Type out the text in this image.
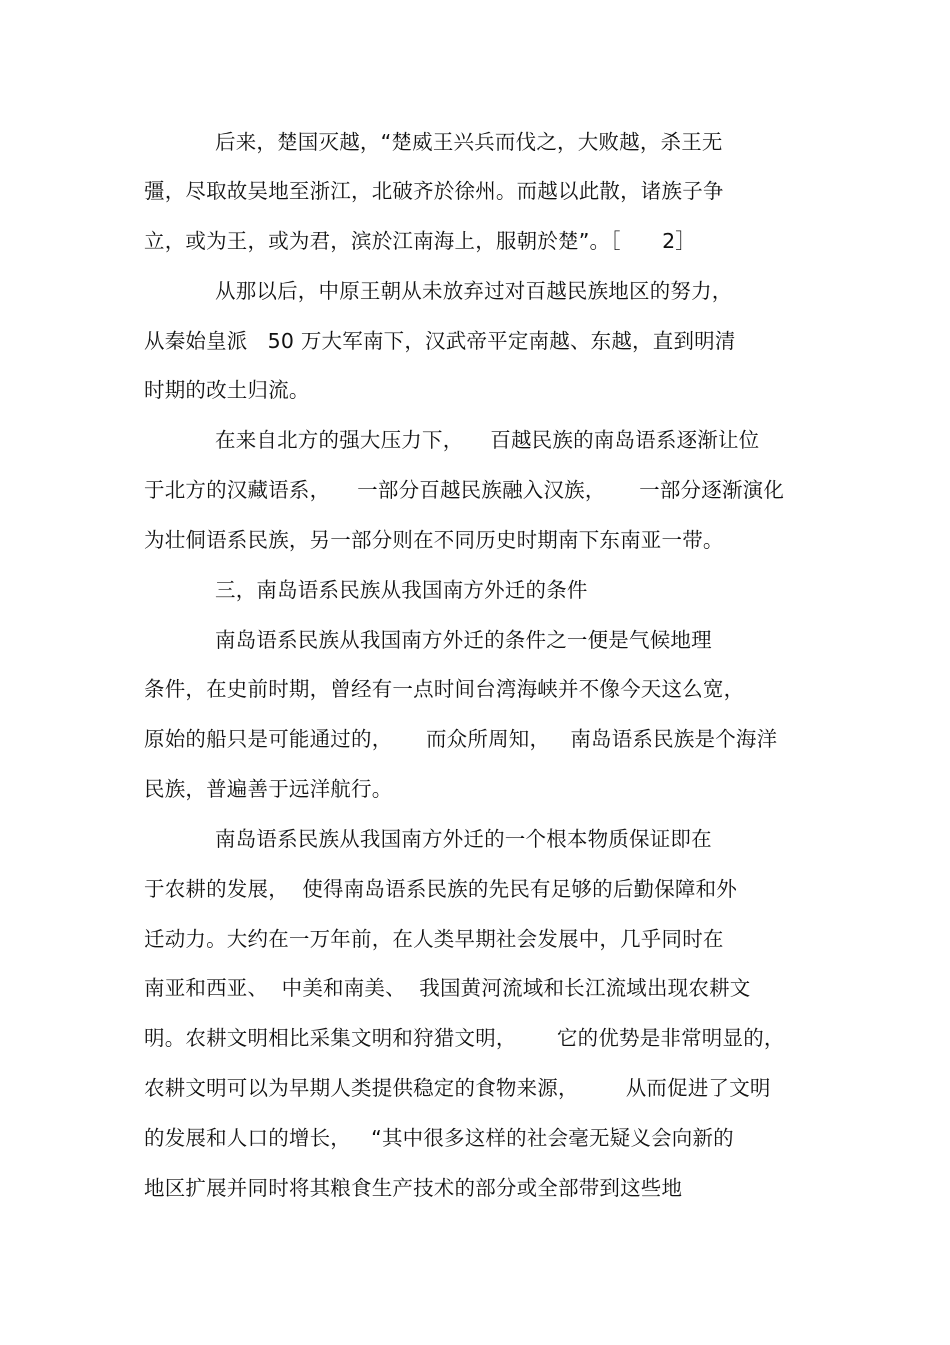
后来，楚国灭越，“楚威王兴兵而伐之，大败越，杀王无
彊，尽取故吴地至浙江，北破齐於徐州。而越以此散，诸族子争
立，或为王，或为君，滨於江南海上，服朝於楚”。［　　2］
从那以后，中原王朝从未放弃过对百越民族地区的努力，
从秦始皇派   50 万大军南下，汉武帝平定南越、东越，直到明清
时期的改土归流。
在来自北方的强大压力下，    百越民族的南岛语系逐渐让位
于北方的汉藏语系，    一部分百越民族融入汉族，     一部分逐渐演化
为壮侗语系民族，另一部分则在不同历史时期南下东南亚一带。
三，南岛语系民族从我国南方外迁的条件
南岛语系民族从我国南方外迁的条件之一便是气候地理
条件，在史前时期，曾经有一点时间台湾海峡并不像今天这么宽，
原始的船只是可能通过的，     而众所周知，   南岛语系民族是个海洋
民族，普遍善于远洋航行。
南岛语系民族从我国南方外迁的一个根本物质保证即在
于农耕的发展，  使得南岛语系民族的先民有足够的后勤保障和外
迁动力。大约在一万年前，在人类早期社会发展中，几乎同时在
南亚和西亚、  中美和南美、  我国黄河流域和长江流域出现农耕文
明。农耕文明相比采集文明和狩猎文明，      它的优势是非常明显的，
农耕文明可以为早期人类提供稳定的食物来源，       从而促进了文明
的发展和人口的增长，   “其中很多这样的社会毫无疑义会向新的
地区扩展并同时将其粮食生产技术的部分或全部带到这些地
